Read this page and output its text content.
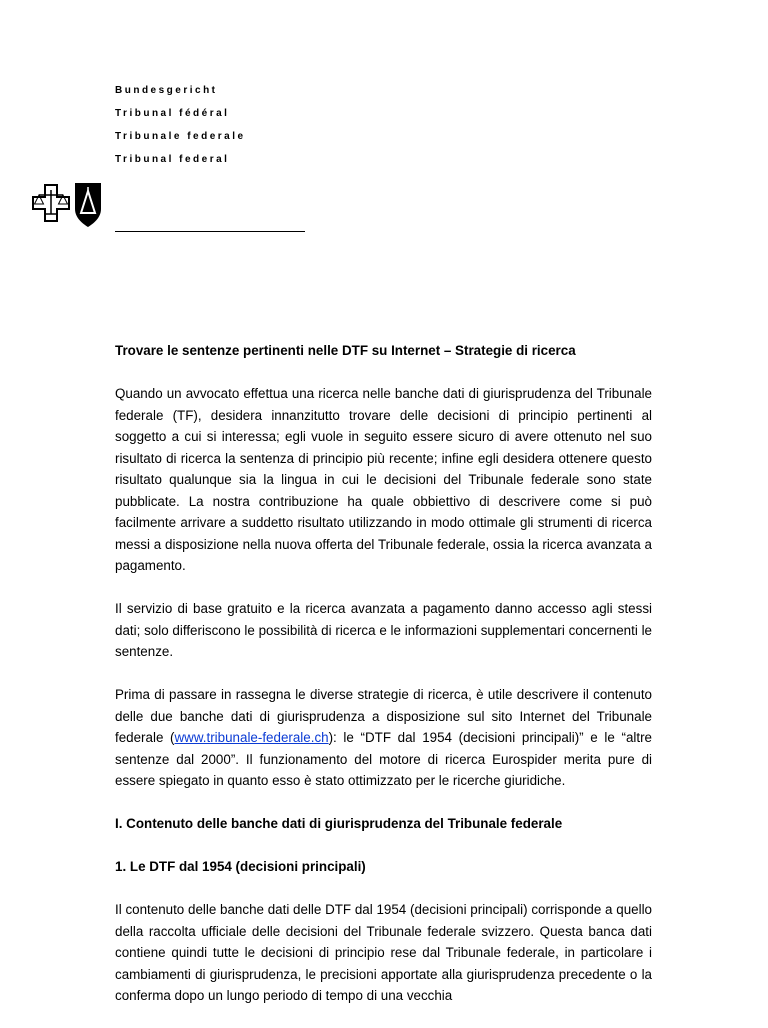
Bundesgericht
Tribunal fédéral
Tribunale federale
Tribunal federal
Trovare le sentenze pertinenti nelle DTF su Internet – Strategie di ricerca

Quando un avvocato effettua una ricerca nelle banche dati di giurisprudenza del Tribunale federale (TF), desidera innanzitutto trovare delle decisioni di principio pertinenti al soggetto a cui si interessa; egli vuole in seguito essere sicuro di avere ottenuto nel suo risultato di ricerca la sentenza di principio più recente; infine egli desidera ottenere questo risultato qualunque sia la lingua in cui le decisioni del Tribunale federale sono state pubblicate. La nostra contribuzione ha quale obbiettivo di descrivere come si può facilmente arrivare a suddetto risultato utilizzando in modo ottimale gli strumenti di ricerca messi a disposizione nella nuova offerta del Tribunale federale, ossia la ricerca avanzata a pagamento.

Il servizio di base gratuito e la ricerca avanzata a pagamento danno accesso agli stessi dati; solo differiscono le possibilità di ricerca e le informazioni supplementari concernenti le sentenze.

Prima di passare in rassegna le diverse strategie di ricerca, è utile descrivere il contenuto delle due banche dati di giurisprudenza a disposizione sul sito Internet del Tribunale federale (www.tribunale-federale.ch): le “DTF dal 1954 (decisioni principali)” e le “altre sentenze dal 2000”. Il funzionamento del motore di ricerca Eurospider merita pure di essere spiegato in quanto esso è stato ottimizzato per le ricerche giuridiche.

I. Contenuto delle banche dati di giurisprudenza del Tribunale federale
1. Le DTF dal 1954 (decisioni principali)

Il contenuto delle banche dati delle DTF dal 1954 (decisioni principali) corrisponde a quello della raccolta ufficiale delle decisioni del Tribunale federale svizzero. Questa banca dati contiene quindi tutte le decisioni di principio rese dal Tribunale federale, in particolare i cambiamenti di giurisprudenza, le precisioni apportate alla giurisprudenza precedente o la conferma dopo un lungo periodo di tempo di una vecchia
